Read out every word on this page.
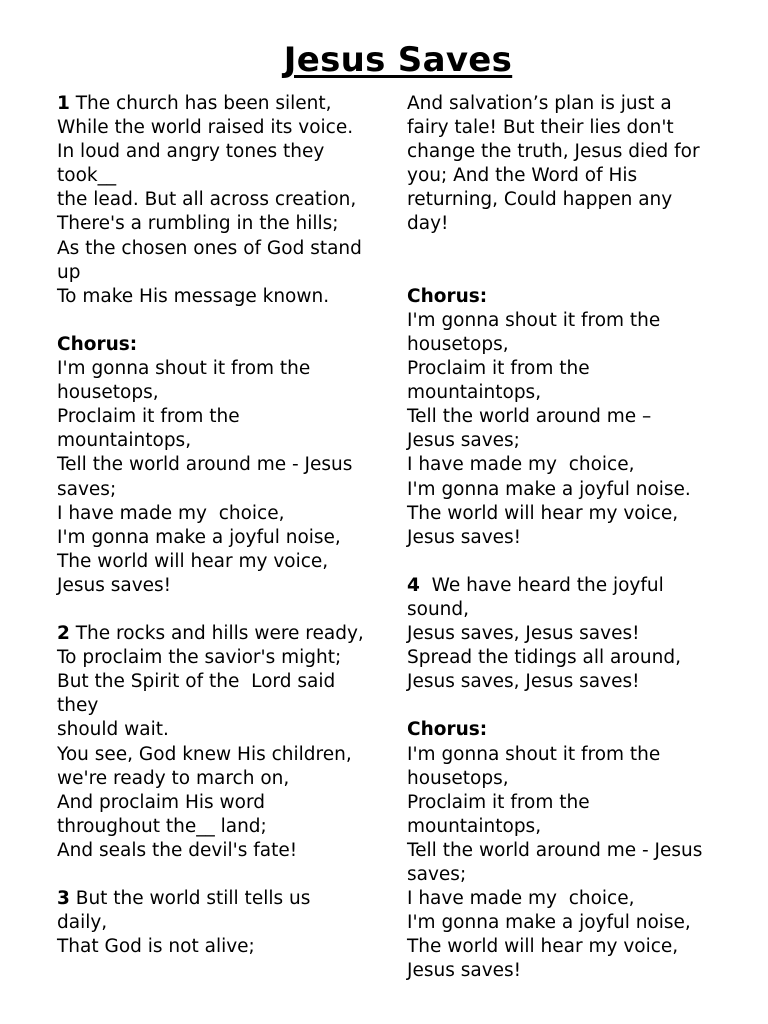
Jesus Saves
1 The church has been silent,
While the world raised its voice.
In loud and angry tones they
took__
the lead. But all across creation,
There's a rumbling in the hills;
As the chosen ones of God stand
up
To make His message known.
Chorus:
I'm gonna shout it from the
housetops,
Proclaim it from the
mountaintops,
Tell the world around me - Jesus
saves;
I have made my  choice,
I'm gonna make a joyful noise,
The world will hear my voice,
Jesus saves!
2 The rocks and hills were ready,
To proclaim the savior's might;
But the Spirit of the  Lord said
they
should wait.
You see, God knew His children,
we're ready to march on,
And proclaim His word
throughout the__ land;
And seals the devil's fate!
3 But the world still tells us
daily,
That God is not alive;
And salvation’s plan is just a
fairy tale! But their lies don't
change the truth, Jesus died for
you; And the Word of His
returning, Could happen any
day!
Chorus:
I'm gonna shout it from the
housetops,
Proclaim it from the
mountaintops,
Tell the world around me –
Jesus saves;
I have made my  choice,
I'm gonna make a joyful noise.
The world will hear my voice,
Jesus saves!
4  We have heard the joyful
sound,
Jesus saves, Jesus saves!
Spread the tidings all around,
Jesus saves, Jesus saves!
Chorus:
I'm gonna shout it from the
housetops,
Proclaim it from the
mountaintops,
Tell the world around me - Jesus
saves;
I have made my  choice,
I'm gonna make a joyful noise,
The world will hear my voice,
Jesus saves!
